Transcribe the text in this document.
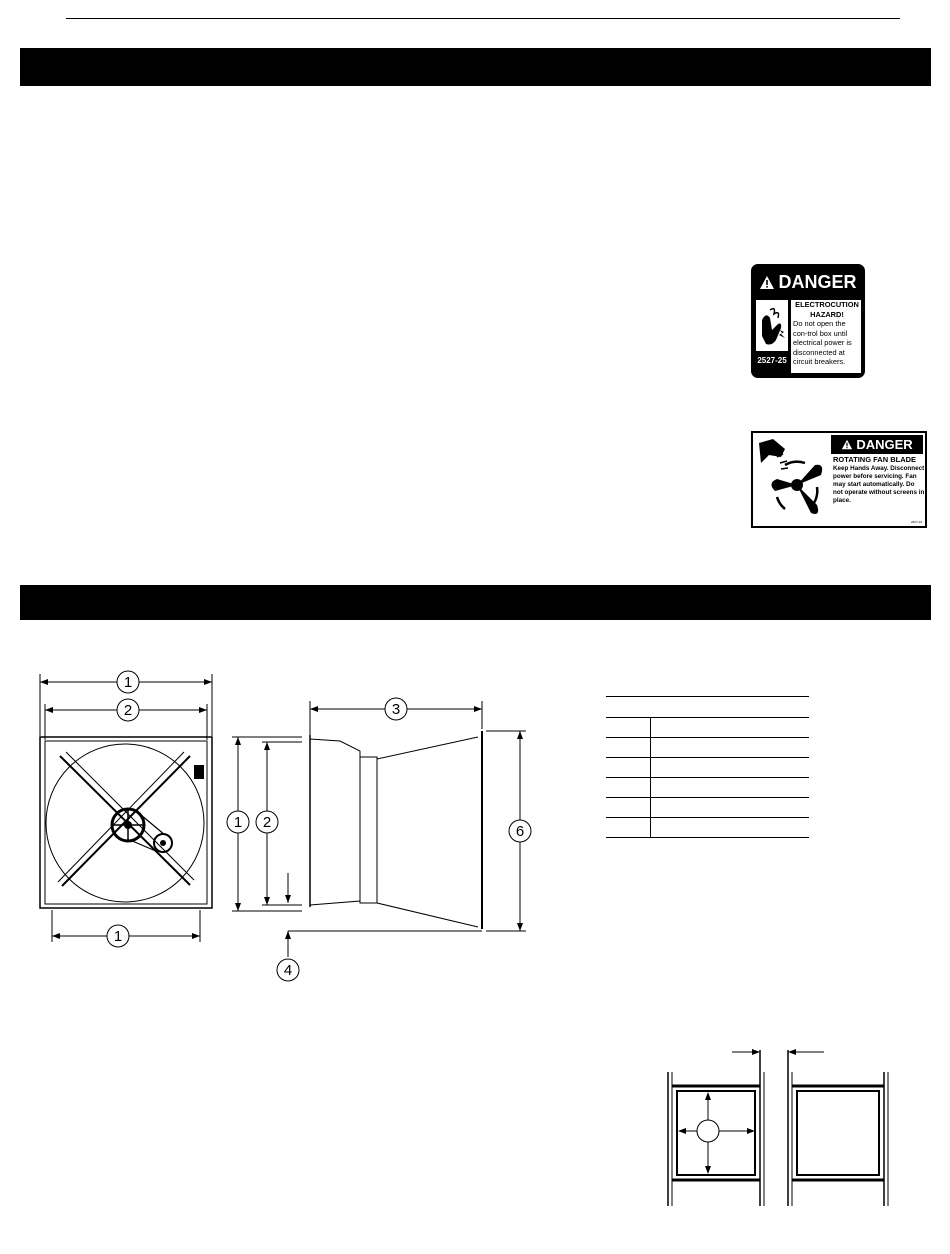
DANGER
2527-25
ELECTROCUTION
HAZARD!
Do not open the con-trol box until electrical power is disconnected at circuit breakers.
DANGER
ROTATING FAN BLADE
Keep Hands Away. Disconnect power before servicing. Fan may start automatically. Do not operate without screens in place.
2527-19
1
2
1
3
1 2
6
4
